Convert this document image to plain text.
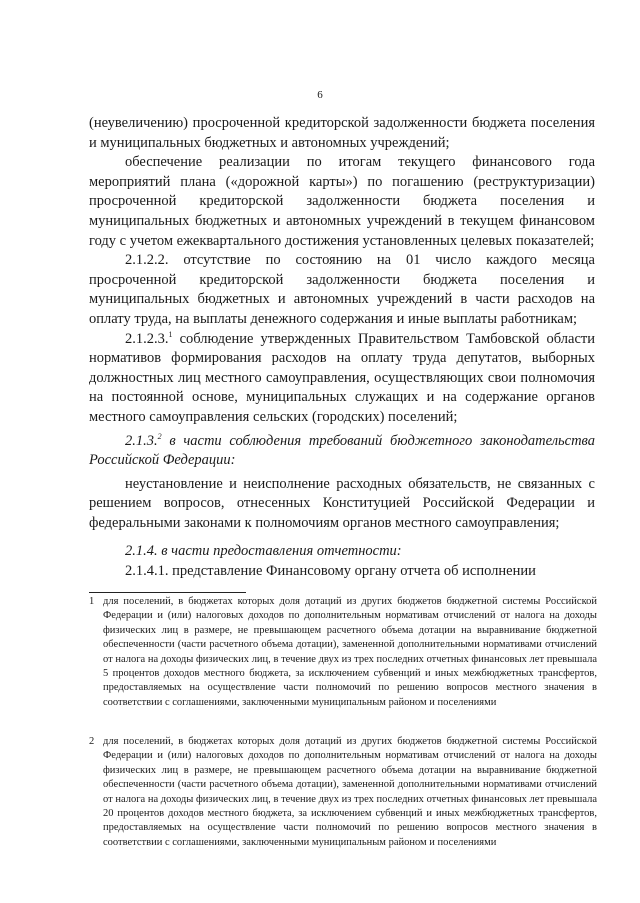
6

(неувеличению) просроченной кредиторской задолженности бюджета поселения и муниципальных бюджетных и автономных учреждений;

обеспечение реализации по итогам текущего финансового года мероприятий плана («дорожной карты») по погашению (реструктуризации) просроченной кредиторской задолженности бюджета поселения и муниципальных бюджетных и автономных учреждений в текущем финансовом году с учетом ежеквартального достижения установленных целевых показателей;

2.1.2.2. отсутствие по состоянию на 01 число каждого месяца просроченной кредиторской задолженности бюджета поселения и муниципальных бюджетных и автономных учреждений в части расходов на оплату труда, на выплаты денежного содержания и иные выплаты работникам;

2.1.2.3.$^1$ соблюдение утвержденных Правительством Тамбовской области нормативов формирования расходов на оплату труда депутатов, выборных должностных лиц местного самоуправления, осуществляющих свои полномочия на постоянной основе, муниципальных служащих и на содержание органов местного самоуправления сельских (городских) поселений;

2.1.3.$^2$ в части соблюдения требований бюджетного законодательства Российской Федерации:

неустановление и неисполнение расходных обязательств, не связанных с решением вопросов, отнесенных Конституцией Российской Федерации и федеральными законами к полномочиям органов местного самоуправления;

2.1.4. в части предоставления отчетности:

2.1.4.1. представление Финансовому органу отчета об исполнении

1 для поселений, в бюджетах которых доля дотаций из других бюджетов бюджетной системы Российской Федерации и (или) налоговых доходов по дополнительным нормативам отчислений от налога на доходы физических лиц в размере, не превышающем расчетного объема дотации на выравнивание бюджетной обеспеченности (части расчетного объема дотации), замененной дополнительными нормативами отчислений от налога на доходы физических лиц, в течение двух из трех последних отчетных финансовых лет превышала 5 процентов доходов местного бюджета, за исключением субвенций и иных межбюджетных трансфертов, предоставляемых на осуществление части полномочий по решению вопросов местного значения в соответствии с соглашениями, заключенными муниципальным районом и поселениями
2 для поселений, в бюджетах которых доля дотаций из других бюджетов бюджетной системы Российской Федерации и (или) налоговых доходов по дополнительным нормативам отчислений от налога на доходы физических лиц в размере, не превышающем расчетного объема дотации на выравнивание бюджетной обеспеченности (части расчетного объема дотации), замененной дополнительными нормативами отчислений от налога на доходы физических лиц, в течение двух из трех последних отчетных финансовых лет превышала 20 процентов доходов местного бюджета, за исключением субвенций и иных межбюджетных трансфертов, предоставляемых на осуществление части полномочий по решению вопросов местного значения в соответствии с соглашениями, заключенными муниципальным районом и поселениями
